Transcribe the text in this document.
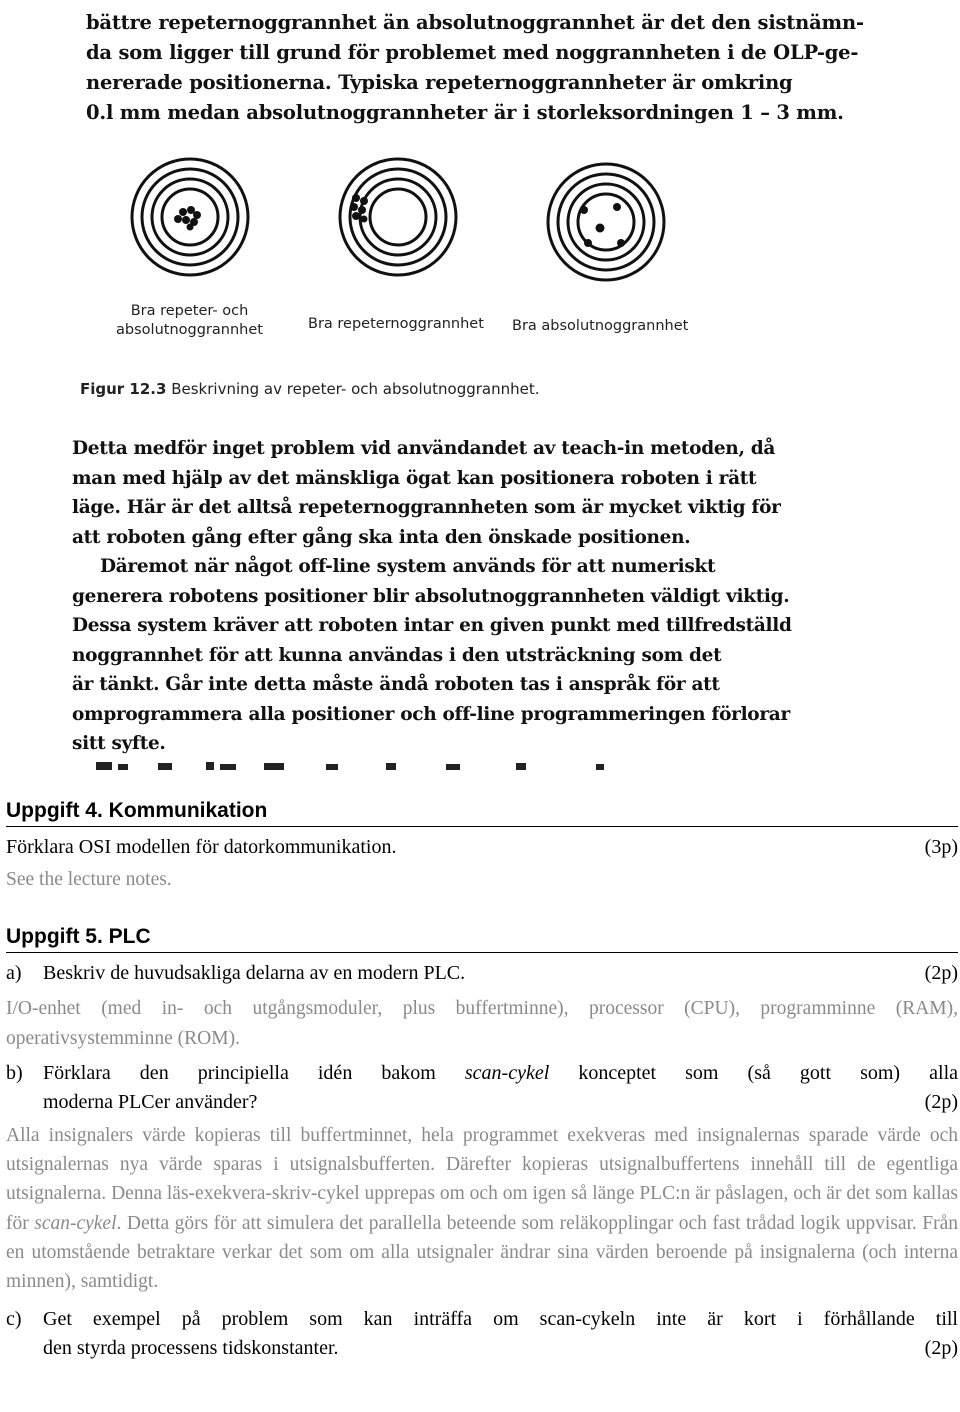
bättre repeternoggrannhet än absolutnoggrannhet är det den sistnämn-
da som ligger till grund för problemet med noggrannheten i de OLP-ge-
nererade positionerna. Typiska repeternoggrannheter är omkring
0.l mm medan absolutnoggrannheter är i storleksordningen 1 – 3 mm.
Bra repeter- och
absolutnoggrannhet	Bra repeternoggrannhet Bra absolutnoggrannhet
Figur 12.3 Beskrivning av repeter- och absolutnoggrannhet.
Detta medför inget problem vid användandet av teach-in metoden, då
man med hjälp av det mänskliga ögat kan positionera roboten i rätt
läge. Här är det alltså repeternoggrannheten som är mycket viktig för
att roboten gång efter gång ska inta den önskade positionen.
Däremot när något off-line system används för att numeriskt
generera robotens positioner blir absolutnoggrannheten väldigt viktig.
Dessa system kräver att roboten intar en given punkt med tillfredställd
noggrannhet för att kunna användas i den utsträckning som det
är tänkt. Går inte detta måste ändå roboten tas i anspråk för att
omprogrammera alla positioner och off-line programmeringen förlorar
sitt syfte.
Uppgift 4. Kommunikation
Förklara OSI modellen för datorkommunikation.	(3p)
See the lecture notes.
Uppgift 5. PLC
a)	Beskriv de huvudsakliga delarna av en modern PLC.	(2p)
I/O-enhet (med in- och utgångsmoduler, plus buffertminne), processor (CPU), programminne (RAM), operativsystemminne (ROM).
b)	Förklara den principiella idén bakom scan-cykel konceptet som (så gott som) alla
moderna PLCer använder?	(2p)
Alla insignalers värde kopieras till buffertminnet, hela programmet exekveras med insignalernas sparade värde och utsignalernas nya värde sparas i utsignalsbufferten. Därefter kopieras utsignalbuffertens innehåll till de egentliga utsignalerna. Denna läs-exekvera-skriv-cykel upprepas om och om igen så länge PLC:n är påslagen, och är det som kallas för scan-cykel. Detta görs för att simulera det parallella beteende som reläkopplingar och fast trådad logik uppvisar. Från en utomstående betraktare verkar det som om alla utsignaler ändrar sina värden beroende på insignalerna (och interna minnen), samtidigt.
c)	Get exempel på problem som kan inträffa om scan-cykeln inte är kort i förhållande till
den styrda processens tidskonstanter.	(2p)
